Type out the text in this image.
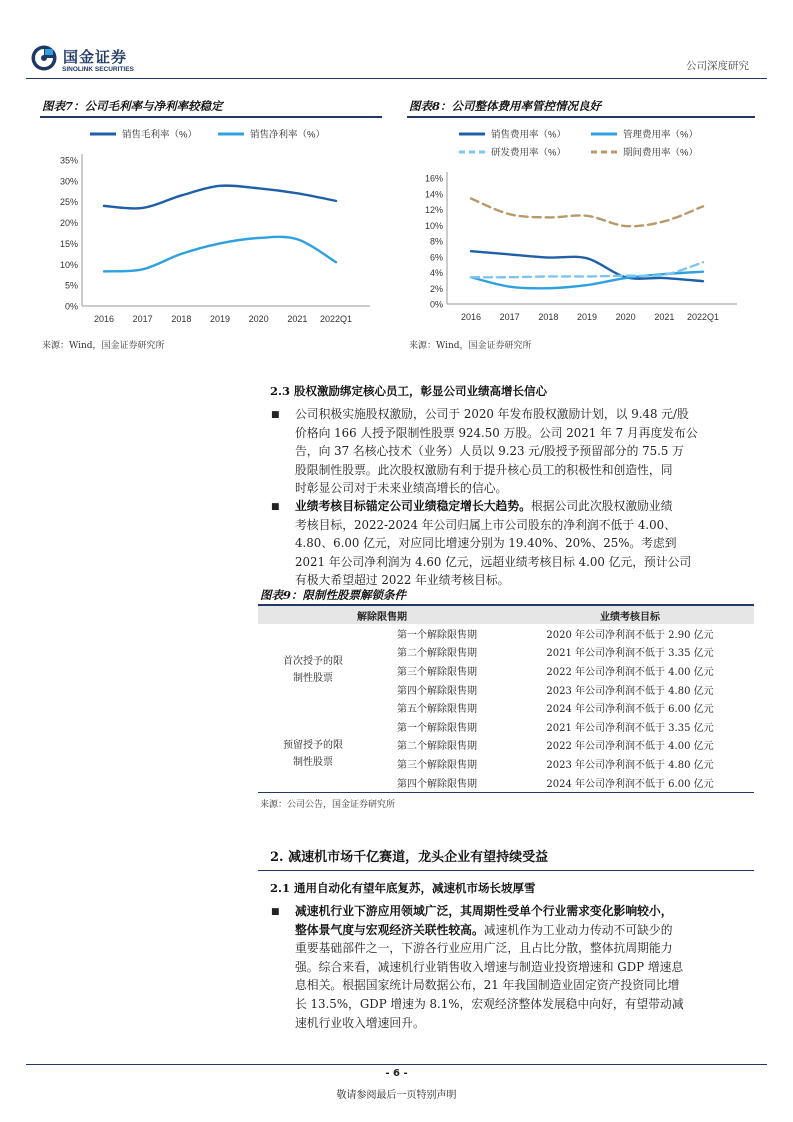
国金证券
SINOLINK SECURITIES	公司深度研究
图表7：公司毛利率与净利率较稳定
0%
5%
10%
15%
20%
25%
30%
35%
2016 2017 2018 2019 2020 2021 2022Q1
销售毛利率（%）	销售净利率（%）
来源：Wind，国金证券研究所
图表8：公司整体费用率管控情况良好
0%
2%
4%
6%
8%
10%
12%
14%
16%
2016 2017 2018 2019 2020 2021 2022Q1
销售费用率（%）	管理费用率（%）
研发费用率（%）	期间费用率（%）
来源：Wind，国金证券研究所
2.3 股权激励绑定核心员工，彰显公司业绩高增长信心
■ 公司积极实施股权激励，公司于 2020 年发布股权激励计划，以 9.48 元/股
价格向 166 人授予限制性股票 924.50 万股。公司 2021 年 7 月再度发布公
告，向 37 名核心技术（业务）人员以 9.23 元/股授予预留部分的 75.5 万
股限制性股票。此次股权激励有利于提升核心员工的积极性和创造性，同
时彰显公司对于未来业绩高增长的信心。
■ 业绩考核目标锚定公司业绩稳定增长大趋势。根据公司此次股权激励业绩
考核目标，2022-2024 年公司归属上市公司股东的净利润不低于 4.00、
4.80、6.00 亿元，对应同比增速分别为 19.40%、20%、25%。考虑到
2021 年公司净利润为 4.60 亿元，远超业绩考核目标 4.00 亿元，预计公司
有极大希望超过 2022 年业绩考核目标。
图表9：限制性股票解锁条件
解除限售期		业绩考核目标

首次授予的限
制性股票	第一个解除限售期	2020 年公司净利润不低于 2.90 亿元
	第二个解除限售期	2021 年公司净利润不低于 3.35 亿元
	第三个解除限售期	2022 年公司净利润不低于 4.00 亿元
	第四个解除限售期	2023 年公司净利润不低于 4.80 亿元
	第五个解除限售期	2024 年公司净利润不低于 6.00 亿元

预留授予的限
制性股票	第一个解除限售期	2021 年公司净利润不低于 3.35 亿元
	第二个解除限售期	2022 年公司净利润不低于 4.00 亿元
	第三个解除限售期	2023 年公司净利润不低于 4.80 亿元
	第四个解除限售期	2024 年公司净利润不低于 6.00 亿元
来源：公司公告，国金证券研究所
2. 减速机市场千亿赛道，龙头企业有望持续受益
2.1 通用自动化有望年底复苏，减速机市场长坡厚雪
■ 减速机行业下游应用领域广泛，其周期性受单个行业需求变化影响较小，
整体景气度与宏观经济关联性较高。减速机作为工业动力传动不可缺少的
重要基础部件之一，下游各行业应用广泛，且占比分散，整体抗周期能力
强。综合来看，减速机行业销售收入增速与制造业投资增速和 GDP 增速息
息相关。根据国家统计局数据公布，21 年我国制造业固定资产投资同比增
长 13.5%，GDP 增速为 8.1%，宏观经济整体发展稳中向好，有望带动减
速机行业收入增速回升。
- 6 -
敬请参阅最后一页特别声明
